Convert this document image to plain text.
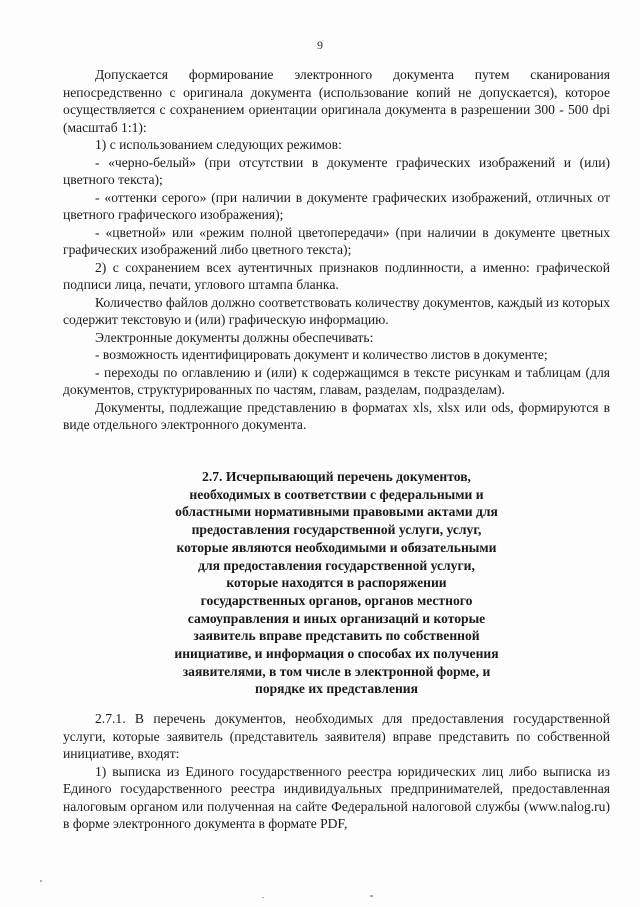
9

Допускается формирование электронного документа путем сканирования непосредственно с оригинала документа (использование копий не допускается), которое осуществляется с сохранением ориентации оригинала документа в разрешении 300 - 500 dpi (масштаб 1:1):

1) с использованием следующих режимов:

- «черно-белый» (при отсутствии в документе графических изображений и (или) цветного текста);

- «оттенки серого» (при наличии в документе графических изображений, отличных от цветного графического изображения);

- «цветной» или «режим полной цветопередачи» (при наличии в документе цветных графических изображений либо цветного текста);

2) с сохранением всех аутентичных признаков подлинности, а именно: графической подписи лица, печати, углового штампа бланка.

Количество файлов должно соответствовать количеству документов, каждый из которых содержит текстовую и (или) графическую информацию.

Электронные документы должны обеспечивать:

- возможность идентифицировать документ и количество листов в документе;

- переходы по оглавлению и (или) к содержащимся в тексте рисункам и таблицам (для документов, структурированных по частям, главам, разделам, подразделам).

Документы, подлежащие представлению в форматах xls, xlsx или ods, формируются в виде отдельного электронного документа.

2.7. Исчерпывающий перечень документов,
необходимых в соответствии с федеральными и
областными нормативными правовыми актами для
предоставления государственной услуги, услуг,
которые являются необходимыми и обязательными
для предоставления государственной услуги,
которые находятся в распоряжении
государственных органов, органов местного
самоуправления и иных организаций и которые
заявитель вправе представить по собственной
инициативе, и информация о способах их получения
заявителями, в том числе в электронной форме, и
порядке их представления

2.7.1. В перечень документов, необходимых для предоставления государственной услуги, которые заявитель (представитель заявителя) вправе представить по собственной инициативе, входят:

1) выписка из Единого государственного реестра юридических лиц либо выписка из Единого государственного реестра индивидуальных предпринимателей, предоставленная налоговым органом или полученная на сайте Федеральной налоговой службы (www.nalog.ru) в форме электронного документа в формате PDF,
